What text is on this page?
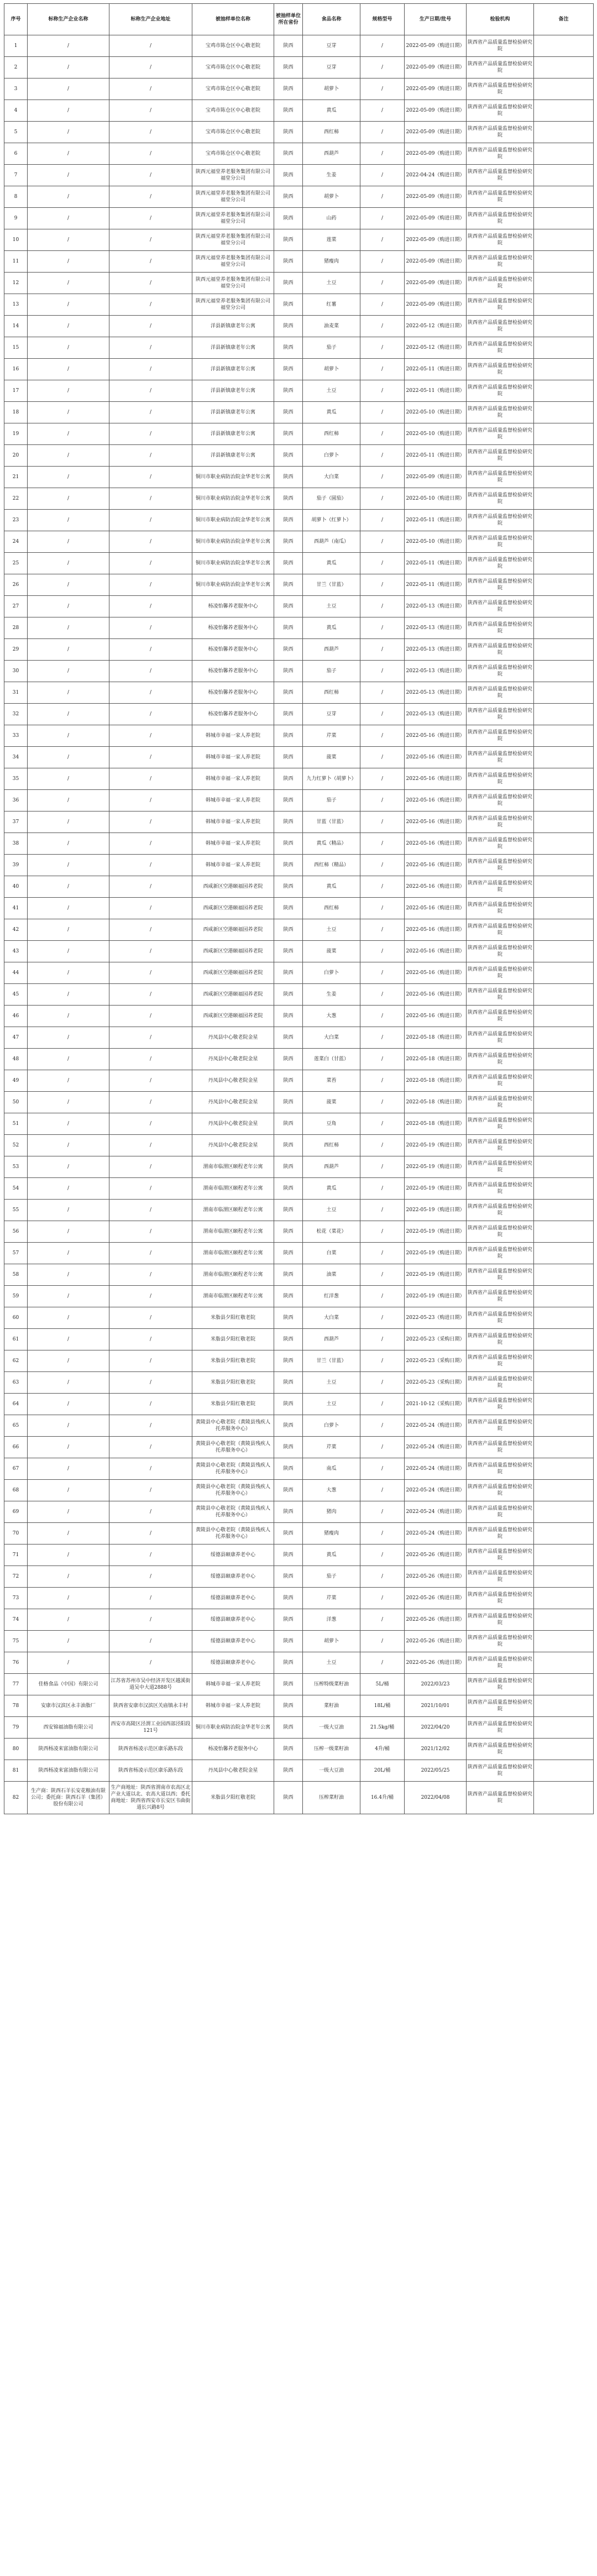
序号	标称生产企业名称	标称生产企业地址	被抽样单位名称	被抽样单位所在省份	食品名称	规格型号	生产日期/批号	检验机构	备注
1	/	/	宝鸡市陈仓区中心敬老院	陕西	豆芽	/	2022-05-09（购进日期）	陕西省产品质量监督检验研究院	
2	/	/	宝鸡市陈仓区中心敬老院	陕西	豆芽	/	2022-05-09（购进日期）	陕西省产品质量监督检验研究院	
3	/	/	宝鸡市陈仓区中心敬老院	陕西	胡萝卜	/	2022-05-09（购进日期）	陕西省产品质量监督检验研究院	
4	/	/	宝鸡市陈仓区中心敬老院	陕西	黄瓜	/	2022-05-09（购进日期）	陕西省产品质量监督检验研究院	
5	/	/	宝鸡市陈仓区中心敬老院	陕西	西红柿	/	2022-05-09（购进日期）	陕西省产品质量监督检验研究院	
6	/	/	宝鸡市陈仓区中心敬老院	陕西	西葫芦	/	2022-05-09（购进日期）	陕西省产品质量监督检验研究院	
7	/	/	陕西元福堂养老服务集团有限公司福堂分公司	陕西	生姜	/	2022-04-24（购进日期）	陕西省产品质量监督检验研究院	
8	/	/	陕西元福堂养老服务集团有限公司福堂分公司	陕西	胡萝卜	/	2022-05-09（购进日期）	陕西省产品质量监督检验研究院	
9	/	/	陕西元福堂养老服务集团有限公司福堂分公司	陕西	山药	/	2022-05-09（购进日期）	陕西省产品质量监督检验研究院	
10	/	/	陕西元福堂养老服务集团有限公司福堂分公司	陕西	莲菜	/	2022-05-09（购进日期）	陕西省产品质量监督检验研究院	
11	/	/	陕西元福堂养老服务集团有限公司福堂分公司	陕西	猪瘦肉	/	2022-05-09（购进日期）	陕西省产品质量监督检验研究院	
12	/	/	陕西元福堂养老服务集团有限公司福堂分公司	陕西	土豆	/	2022-05-09（购进日期）	陕西省产品质量监督检验研究院	
13	/	/	陕西元福堂养老服务集团有限公司福堂分公司	陕西	红薯	/	2022-05-09（购进日期）	陕西省产品质量监督检验研究院	
14	/	/	洋县新镇康老年公寓	陕西	油麦菜	/	2022-05-12（购进日期）	陕西省产品质量监督检验研究院	
15	/	/	洋县新镇康老年公寓	陕西	茄子	/	2022-05-12（购进日期）	陕西省产品质量监督检验研究院	
16	/	/	洋县新镇康老年公寓	陕西	胡萝卜	/	2022-05-11（购进日期）	陕西省产品质量监督检验研究院	
17	/	/	洋县新镇康老年公寓	陕西	土豆	/	2022-05-11（购进日期）	陕西省产品质量监督检验研究院	
18	/	/	洋县新镇康老年公寓	陕西	黄瓜	/	2022-05-10（购进日期）	陕西省产品质量监督检验研究院	
19	/	/	洋县新镇康老年公寓	陕西	西红柿	/	2022-05-10（购进日期）	陕西省产品质量监督检验研究院	
20	/	/	洋县新镇康老年公寓	陕西	白萝卜	/	2022-05-11（购进日期）	陕西省产品质量监督检验研究院	
21	/	/	铜川市职业病防治院金华老年公寓	陕西	大白菜	/	2022-05-09（购进日期）	陕西省产品质量监督检验研究院	
22	/	/	铜川市职业病防治院金华老年公寓	陕西	茄子（圆茄）	/	2022-05-10（购进日期）	陕西省产品质量监督检验研究院	
23	/	/	铜川市职业病防治院金华老年公寓	陕西	胡萝卜（红萝卜）	/	2022-05-11（购进日期）	陕西省产品质量监督检验研究院	
24	/	/	铜川市职业病防治院金华老年公寓	陕西	西葫芦（南瓜）	/	2022-05-10（购进日期）	陕西省产品质量监督检验研究院	
25	/	/	铜川市职业病防治院金华老年公寓	陕西	黄瓜	/	2022-05-11（购进日期）	陕西省产品质量监督检验研究院	
26	/	/	铜川市职业病防治院金华老年公寓	陕西	甘兰（甘蓝）	/	2022-05-11（购进日期）	陕西省产品质量监督检验研究院	
27	/	/	杨凌怡馨养老服务中心	陕西	土豆	/	2022-05-13（购进日期）	陕西省产品质量监督检验研究院	
28	/	/	杨凌怡馨养老服务中心	陕西	黄瓜	/	2022-05-13（购进日期）	陕西省产品质量监督检验研究院	
29	/	/	杨凌怡馨养老服务中心	陕西	西葫芦	/	2022-05-13（购进日期）	陕西省产品质量监督检验研究院	
30	/	/	杨凌怡馨养老服务中心	陕西	茄子	/	2022-05-13（购进日期）	陕西省产品质量监督检验研究院	
31	/	/	杨凌怡馨养老服务中心	陕西	西红柿	/	2022-05-13（购进日期）	陕西省产品质量监督检验研究院	
32	/	/	杨凌怡馨养老服务中心	陕西	豆芽	/	2022-05-13（购进日期）	陕西省产品质量监督检验研究院	
33	/	/	韩城市幸福一家人养老院	陕西	芹菜	/	2022-05-16（购进日期）	陕西省产品质量监督检验研究院	
34	/	/	韩城市幸福一家人养老院	陕西	菠菜	/	2022-05-16（购进日期）	陕西省产品质量监督检验研究院	
35	/	/	韩城市幸福一家人养老院	陕西	九力红萝卜（胡萝卜）	/	2022-05-16（购进日期）	陕西省产品质量监督检验研究院	
36	/	/	韩城市幸福一家人养老院	陕西	茄子	/	2022-05-16（购进日期）	陕西省产品质量监督检验研究院	
37	/	/	韩城市幸福一家人养老院	陕西	甘蓝（甘蓝）	/	2022-05-16（购进日期）	陕西省产品质量监督检验研究院	
38	/	/	韩城市幸福一家人养老院	陕西	黄瓜（精品）	/	2022-05-16（购进日期）	陕西省产品质量监督检验研究院	
39	/	/	韩城市幸福一家人养老院	陕西	西红柿（精品）	/	2022-05-16（购进日期）	陕西省产品质量监督检验研究院	
40	/	/	西咸新区空港颐福园养老院	陕西	黄瓜	/	2022-05-16（购进日期）	陕西省产品质量监督检验研究院	
41	/	/	西咸新区空港颐福园养老院	陕西	西红柿	/	2022-05-16（购进日期）	陕西省产品质量监督检验研究院	
42	/	/	西咸新区空港颐福园养老院	陕西	土豆	/	2022-05-16（购进日期）	陕西省产品质量监督检验研究院	
43	/	/	西咸新区空港颐福园养老院	陕西	菠菜	/	2022-05-16（购进日期）	陕西省产品质量监督检验研究院	
44	/	/	西咸新区空港颐福园养老院	陕西	白萝卜	/	2022-05-16（购进日期）	陕西省产品质量监督检验研究院	
45	/	/	西咸新区空港颐福园养老院	陕西	生姜	/	2022-05-16（购进日期）	陕西省产品质量监督检验研究院	
46	/	/	西咸新区空港颐福园养老院	陕西	大葱	/	2022-05-16（购进日期）	陕西省产品质量监督检验研究院	
47	/	/	丹凤县中心敬老院金星	陕西	大白菜	/	2022-05-18（购进日期）	陕西省产品质量监督检验研究院	
48	/	/	丹凤县中心敬老院金星	陕西	莲菜白（甘蓝）	/	2022-05-18（购进日期）	陕西省产品质量监督检验研究院	
49	/	/	丹凤县中心敬老院金星	陕西	菜苔	/	2022-05-18（购进日期）	陕西省产品质量监督检验研究院	
50	/	/	丹凤县中心敬老院金星	陕西	菠菜	/	2022-05-18（购进日期）	陕西省产品质量监督检验研究院	
51	/	/	丹凤县中心敬老院金星	陕西	豆角	/	2022-05-18（购进日期）	陕西省产品质量监督检验研究院	
52	/	/	丹凤县中心敬老院金星	陕西	西红柿	/	2022-05-19（购进日期）	陕西省产品质量监督检验研究院	
53	/	/	渭南市临渭区颐程老年公寓	陕西	西葫芦	/	2022-05-19（购进日期）	陕西省产品质量监督检验研究院	
54	/	/	渭南市临渭区颐程老年公寓	陕西	黄瓜	/	2022-05-19（购进日期）	陕西省产品质量监督检验研究院	
55	/	/	渭南市临渭区颐程老年公寓	陕西	土豆	/	2022-05-19（购进日期）	陕西省产品质量监督检验研究院	
56	/	/	渭南市临渭区颐程老年公寓	陕西	松花（菜花）	/	2022-05-19（购进日期）	陕西省产品质量监督检验研究院	
57	/	/	渭南市临渭区颐程老年公寓	陕西	白菜	/	2022-05-19（购进日期）	陕西省产品质量监督检验研究院	
58	/	/	渭南市临渭区颐程老年公寓	陕西	油菜	/	2022-05-19（购进日期）	陕西省产品质量监督检验研究院	
59	/	/	渭南市临渭区颐程老年公寓	陕西	红洋葱	/	2022-05-19（购进日期）	陕西省产品质量监督检验研究院	
60	/	/	米脂县夕阳红敬老院	陕西	大白菜	/	2022-05-23（购进日期）	陕西省产品质量监督检验研究院	
61	/	/	米脂县夕阳红敬老院	陕西	西葫芦	/	2022-05-23（采购日期）	陕西省产品质量监督检验研究院	
62	/	/	米脂县夕阳红敬老院	陕西	甘兰（甘蓝）	/	2022-05-23（采购日期）	陕西省产品质量监督检验研究院	
63	/	/	米脂县夕阳红敬老院	陕西	土豆	/	2022-05-23（采购日期）	陕西省产品质量监督检验研究院	
64	/	/	米脂县夕阳红敬老院	陕西	土豆	/	2021-10-12（采购日期）	陕西省产品质量监督检验研究院	
65	/	/	黄陵县中心敬老院（黄陵县残疾人托养服务中心）	陕西	白萝卜	/	2022-05-24（购进日期）	陕西省产品质量监督检验研究院	
66	/	/	黄陵县中心敬老院（黄陵县残疾人托养服务中心）	陕西	芹菜	/	2022-05-24（购进日期）	陕西省产品质量监督检验研究院	
67	/	/	黄陵县中心敬老院（黄陵县残疾人托养服务中心）	陕西	南瓜	/	2022-05-24（购进日期）	陕西省产品质量监督检验研究院	
68	/	/	黄陵县中心敬老院（黄陵县残疾人托养服务中心）	陕西	大葱	/	2022-05-24（购进日期）	陕西省产品质量监督检验研究院	
69	/	/	黄陵县中心敬老院（黄陵县残疾人托养服务中心）	陕西	猪肉	/	2022-05-24（购进日期）	陕西省产品质量监督检验研究院	
70	/	/	黄陵县中心敬老院（黄陵县残疾人托养服务中心）	陕西	猪瘦肉	/	2022-05-24（购进日期）	陕西省产品质量监督检验研究院	
71	/	/	绥德县颐康养老中心	陕西	黄瓜	/	2022-05-26（购进日期）	陕西省产品质量监督检验研究院	
72	/	/	绥德县颐康养老中心	陕西	茄子	/	2022-05-26（购进日期）	陕西省产品质量监督检验研究院	
73	/	/	绥德县颐康养老中心	陕西	芹菜	/	2022-05-26（购进日期）	陕西省产品质量监督检验研究院	
74	/	/	绥德县颐康养老中心	陕西	洋葱	/	2022-05-26（购进日期）	陕西省产品质量监督检验研究院	
75	/	/	绥德县颐康养老中心	陕西	胡萝卜	/	2022-05-26（购进日期）	陕西省产品质量监督检验研究院	
76	/	/	绥德县颐康养老中心	陕西	土豆	/	2022-05-26（购进日期）	陕西省产品质量监督检验研究院	
77	佳格食品（中国）有限公司	江苏省苏州市吴中经济开发区越溪街道吴中大道2888号	韩城市幸福一家人养老院	陕西	压榨特级菜籽油	5L/桶	2022/03/23	陕西省产品质量监督检验研究院	
78	安康市汉滨区永丰油脂厂	陕西省安康市汉滨区关庙镇永丰村	韩城市幸福一家人养老院	陕西	菜籽油	18L/桶	2021/10/01	陕西省产品质量监督检验研究院	
79	西安锦福油脂有限公司	西安市高陵区泾渭工业园西部泾阳段121号	铜川市职业病防治院金华老年公寓	陕西	一级大豆油	21.5kg/桶	2022/04/20	陕西省产品质量监督检验研究院	
80	陕西杨凌来富油脂有限公司	陕西省杨凌示范区康乐路东段	杨凌怡馨养老服务中心	陕西	压榨一级菜籽油	4升/桶	2021/12/02	陕西省产品质量监督检验研究院	
81	陕西杨凌来富油脂有限公司	陕西省杨凌示范区康乐路东段	丹凤县中心敬老院金星	陕西	一级大豆油	20L/桶	2022/05/25	陕西省产品质量监督检验研究院	
82	生产商：陕西石羊长安花粮油有限公司；委托商：陕西石羊（集团）股份有限公司	生产商地址：陕西省渭南市农高区北产业大道以北、农高大道以西；委托商地址：陕西省西安市长安区韦曲街道长兴路8号	米脂县夕阳红敬老院	陕西	压榨菜籽油	16.4升/桶	2022/04/08	陕西省产品质量监督检验研究院	
